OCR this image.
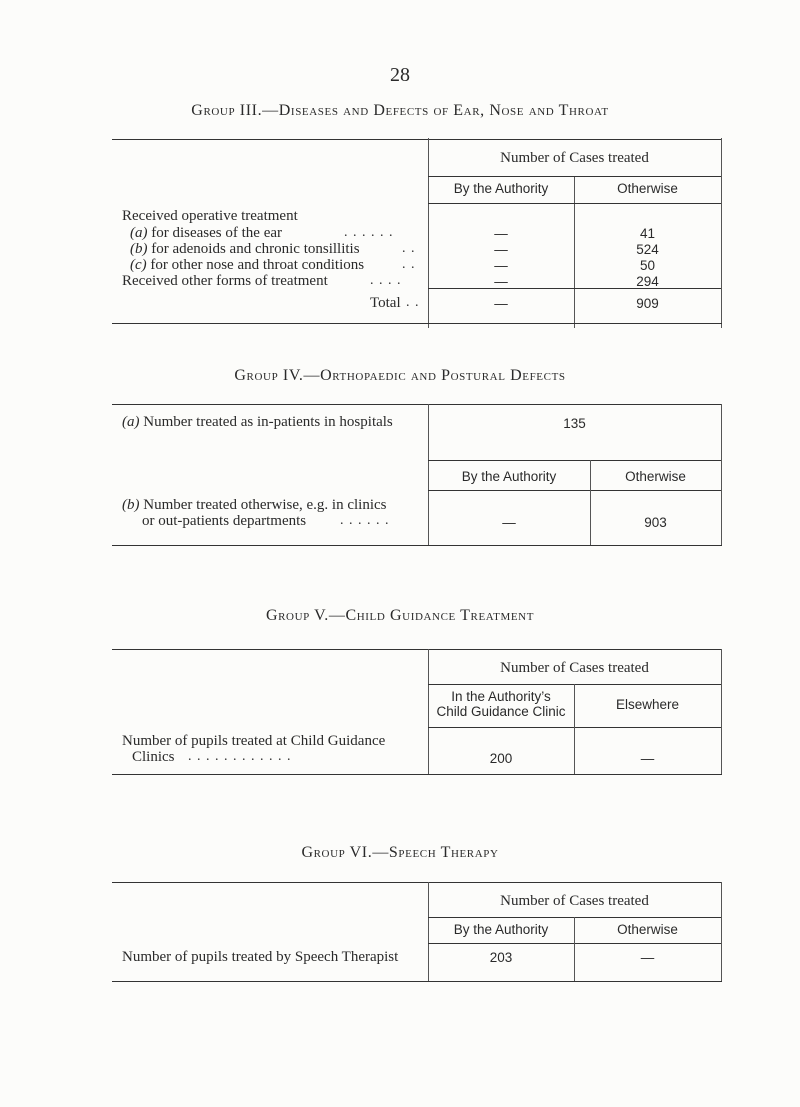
28
Group III.—Diseases and Defects of Ear, Nose and Throat
Number of Cases treated
By the Authority	Otherwise
Received operative treatment
(a) for diseases of the ear	. . . . . .	—	41
(b) for adenoids and chronic tonsillitis	. .	—	524
(c) for other nose and throat conditions	. .	—	50
Received other forms of treatment	. . . .	—	294
Total . .	—	909
Group IV.—Orthopaedic and Postural Defects
(a) Number treated as in-patients in hospitals	135
By the Authority	Otherwise
(b) Number treated otherwise, e.g. in clinics
or out-patients departments . . . . . .	—	903
Group V.—Child Guidance Treatment
Number of Cases treated
In the Authority’s
Child Guidance Clinic	Elsewhere
Number of pupils treated at Child Guidance
Clinics . . . . . . . . . . . .	200	—
Group VI.—Speech Therapy
Number of Cases treated
By the Authority	Otherwise
Number of pupils treated by Speech Therapist	203	—
